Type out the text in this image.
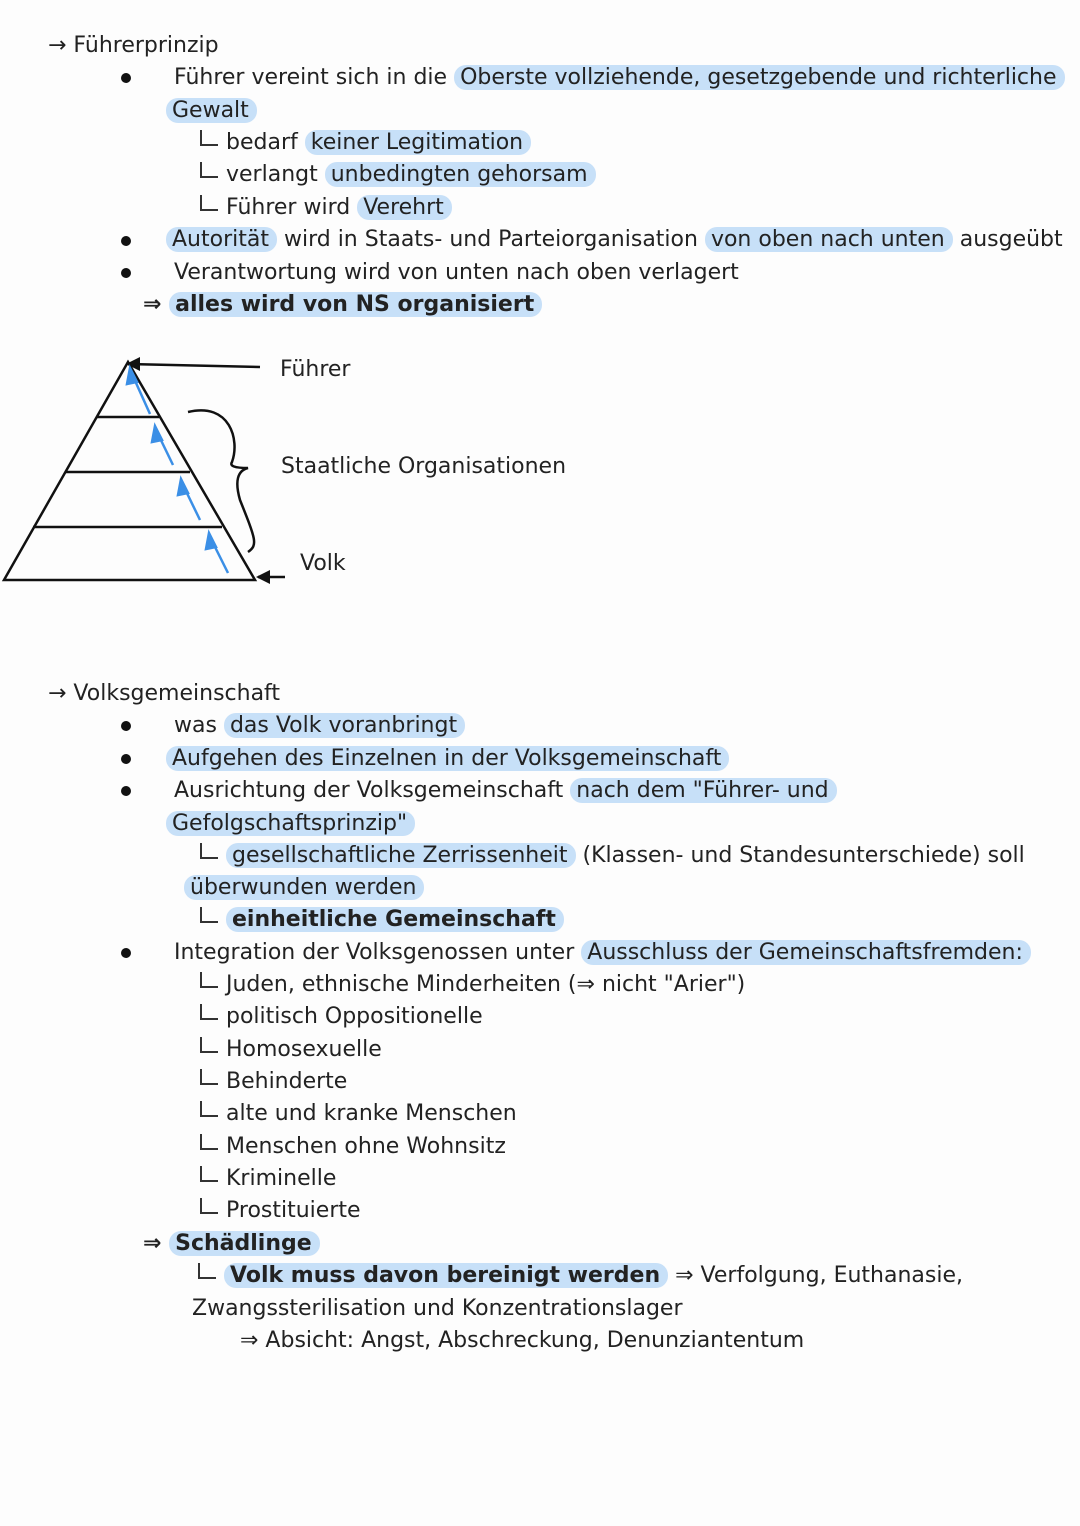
→ Führerprinzip
Führer vereint sich in die Oberste vollziehende, gesetzgebende und richterliche
Gewalt
bedarf keiner Legitimation
verlangt unbedingten gehorsam
Führer wird Verehrt
Autorität wird in Staats- und Parteiorganisation von oben nach unten ausgeübt
Verantwortung wird von unten nach oben verlagert
⇒ alles wird von NS organisiert
Führer
Staatliche Organisationen
Volk
→ Volksgemeinschaft
was das Volk voranbringt
Aufgehen des Einzelnen in der Volksgemeinschaft
Ausrichtung der Volksgemeinschaft nach dem "Führer- und
Gefolgschaftsprinzip"
gesellschaftliche Zerrissenheit (Klassen- und Standesunterschiede) soll
überwunden werden
einheitliche Gemeinschaft
Integration der Volksgenossen unter Ausschluss der Gemeinschaftsfremden:
Juden, ethnische Minderheiten (⇒ nicht "Arier")
politisch Oppositionelle
Homosexuelle
Behinderte
alte und kranke Menschen
Menschen ohne Wohnsitz
Kriminelle
Prostituierte
⇒ Schädlinge
Volk muss davon bereinigt werden ⇒ Verfolgung, Euthanasie,
Zwangssterilisation und Konzentrationslager
⇒ Absicht: Angst, Abschreckung, Denunziantentum
